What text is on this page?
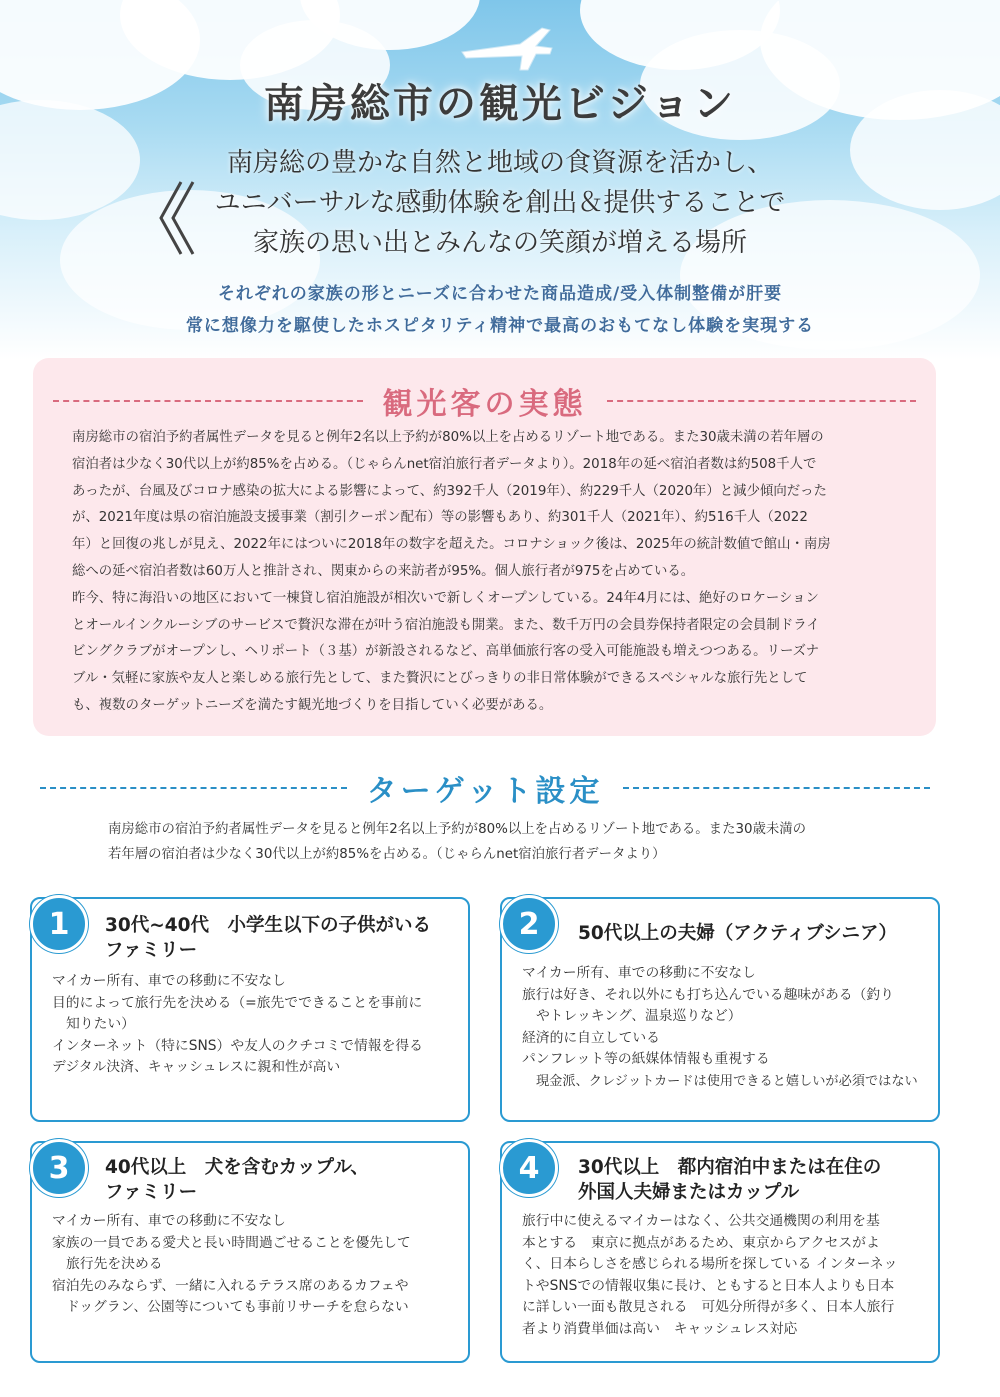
南房総市の観光ビジョン
南房総の豊かな自然と地域の食資源を活かし、
ユニバーサルな感動体験を創出＆提供することで
家族の思い出とみんなの笑顔が増える場所
それぞれの家族の形とニーズに合わせた商品造成/受入体制整備が肝要
常に想像力を駆使したホスピタリティ精神で最高のおもてなし体験を実現する
観光客の実態

南房総市の宿泊予約者属性データを見ると例年2名以上予約が80%以上を占めるリゾート地である。また30歳未満の若年層の

宿泊者は少なく30代以上が約85%を占める。（じゃらんnet宿泊旅行者データより）。2018年の延べ宿泊者数は約508千人で

あったが、台風及びコロナ感染の拡大による影響によって、約392千人（2019年）、約229千人（2020年）と減少傾向だった

が、2021年度は県の宿泊施設支援事業（割引クーポン配布）等の影響もあり、約301千人（2021年）、約516千人（2022

年）と回復の兆しが見え、2022年にはついに2018年の数字を超えた。コロナショック後は、2025年の統計数値で館山・南房

総への延べ宿泊者数は60万人と推計され、関東からの来訪者が95%。個人旅行者が975を占めている。

昨今、特に海沿いの地区において一棟貸し宿泊施設が相次いで新しくオープンしている。24年4月には、絶好のロケーション

とオールインクルーシブのサービスで贅沢な滞在が叶う宿泊施設も開業。また、数千万円の会員券保持者限定の会員制ドライ

ビングクラブがオープンし、ヘリポート（３基）が新設されるなど、高単価旅行客の受入可能施設も増えつつある。リーズナ

ブル・気軽に家族や友人と楽しめる旅行先として、また贅沢にとびっきりの非日常体験ができるスペシャルな旅行先として

も、複数のターゲットニーズを満たす観光地づくりを目指していく必要がある。

ターゲット設定

南房総市の宿泊予約者属性データを見ると例年2名以上予約が80%以上を占めるリゾート地である。また30歳未満の

若年層の宿泊者は少なく30代以上が約85%を占める。（じゃらんnet宿泊旅行者データより）

30代~40代　小学生以下の子供がいる
ファミリー
マイカー所有、車での移動に不安なし
目的によって旅行先を決める（=旅先でできることを事前に
知りたい）
インターネット（特にSNS）や友人のクチコミで情報を得る
デジタル決済、キャッシュレスに親和性が高い
1	50代以上の夫婦（アクティブシニア）
マイカー所有、車での移動に不安なし
旅行は好き、それ以外にも打ち込んでいる趣味がある（釣り
やトレッキング、温泉巡りなど）
経済的に自立している
パンフレット等の紙媒体情報も重視する
現金派、クレジットカードは使用できると嬉しいが必須ではない
2
40代以上　犬を含むカップル、
ファミリー
マイカー所有、車での移動に不安なし
家族の一員である愛犬と長い時間過ごせることを優先して
旅行先を決める
宿泊先のみならず、一緒に入れるテラス席のあるカフェや
ドッグラン、公園等についても事前リサーチを怠らない
3	30代以上　都内宿泊中または在住の
外国人夫婦またはカップル
旅行中に使えるマイカーはなく、公共交通機関の利用を基
本とする　東京に拠点があるため、東京からアクセスがよ
く、日本らしさを感じられる場所を探している インターネッ
トやSNSでの情報収集に長け、ともすると日本人よりも日本
に詳しい一面も散見される　可処分所得が多く、日本人旅行
者より消費単価は高い　キャッシュレス対応
4
